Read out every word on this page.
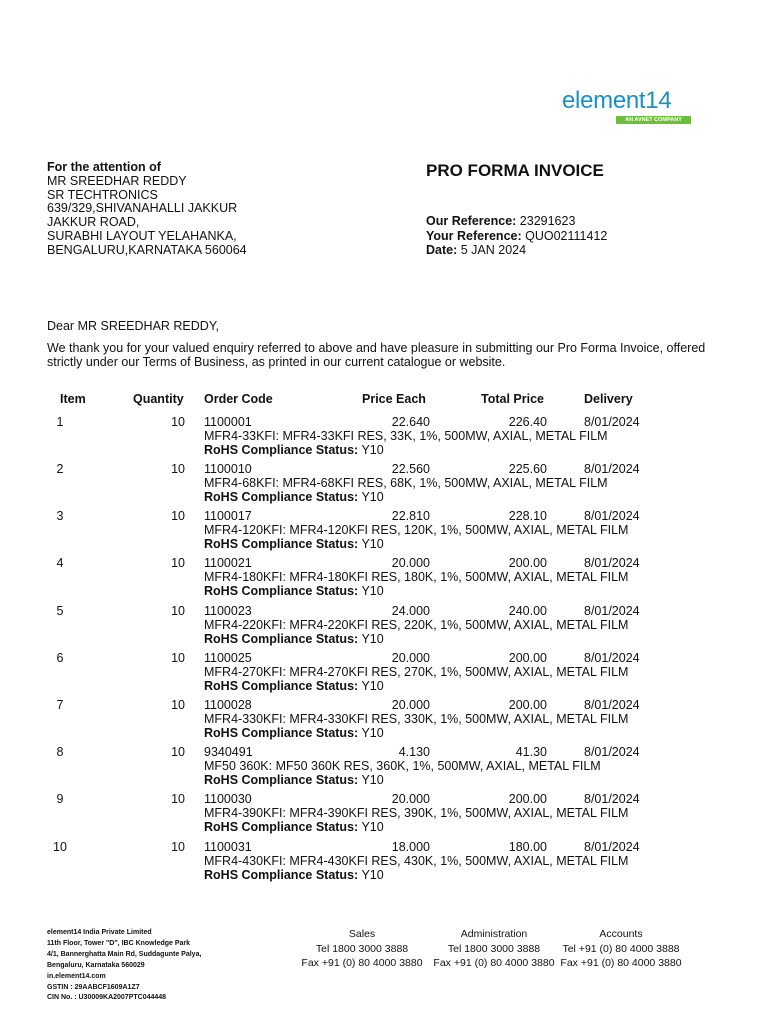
element14
AN AVNET COMPANY
For the attention of
MR SREEDHAR REDDY
SR TECHTRONICS
639/329,SHIVANAHALLI JAKKUR
JAKKUR ROAD,
SURABHI LAYOUT YELAHANKA,
BENGALURU,KARNATAKA 560064
PRO FORMA INVOICE
Our Reference: 23291623
Your Reference: QUO02111412
Date: 5 JAN 2024
Dear MR SREEDHAR REDDY,
We thank you for your valued enquiry referred to above and have pleasure in submitting our Pro Forma Invoice, offered strictly under our Terms of Business, as printed in our current catalogue or website.
Item	Quantity Order Code	Price Each	Total Price	Delivery
1	10 1100001	22.640	226.40	8/01/2024
MFR4-33KFI: MFR4-33KFI RES, 33K, 1%, 500MW, AXIAL, METAL FILM
RoHS Compliance Status: Y10
2	10 1100010	22.560	225.60	8/01/2024
MFR4-68KFI: MFR4-68KFI RES, 68K, 1%, 500MW, AXIAL, METAL FILM
RoHS Compliance Status: Y10
3	10 1100017	22.810	228.10	8/01/2024
MFR4-120KFI: MFR4-120KFI RES, 120K, 1%, 500MW, AXIAL, METAL FILM
RoHS Compliance Status: Y10
4	10 1100021	20.000	200.00	8/01/2024
MFR4-180KFI: MFR4-180KFI RES, 180K, 1%, 500MW, AXIAL, METAL FILM
RoHS Compliance Status: Y10
5	10 1100023	24.000	240.00	8/01/2024
MFR4-220KFI: MFR4-220KFI RES, 220K, 1%, 500MW, AXIAL, METAL FILM
RoHS Compliance Status: Y10
6	10 1100025	20.000	200.00	8/01/2024
MFR4-270KFI: MFR4-270KFI RES, 270K, 1%, 500MW, AXIAL, METAL FILM
RoHS Compliance Status: Y10
7	10 1100028	20.000	200.00	8/01/2024
MFR4-330KFI: MFR4-330KFI RES, 330K, 1%, 500MW, AXIAL, METAL FILM
RoHS Compliance Status: Y10
8	10 9340491	4.130	41.30	8/01/2024
MF50 360K: MF50 360K RES, 360K, 1%, 500MW, AXIAL, METAL FILM
RoHS Compliance Status: Y10
9	10 1100030	20.000	200.00	8/01/2024
MFR4-390KFI: MFR4-390KFI RES, 390K, 1%, 500MW, AXIAL, METAL FILM
RoHS Compliance Status: Y10
10	10 1100031	18.000	180.00	8/01/2024
MFR4-430KFI: MFR4-430KFI RES, 430K, 1%, 500MW, AXIAL, METAL FILM
RoHS Compliance Status: Y10
element14 India Private Limited
11th Floor, Tower "D", IBC Knowledge Park
4/1, Bannerghatta Main Rd, Suddagunte Palya,
Bengaluru, Karnataka 560029
in.element14.com
GSTIN : 29AABCF1609A1Z7
CIN No. : U30009KA2007PTC044448
Sales
Tel 1800 3000 3888
Fax +91 (0) 80 4000 3880
Administration
Tel 1800 3000 3888
Fax +91 (0) 80 4000 3880
Accounts
Tel +91 (0) 80 4000 3888
Fax +91 (0) 80 4000 3880
